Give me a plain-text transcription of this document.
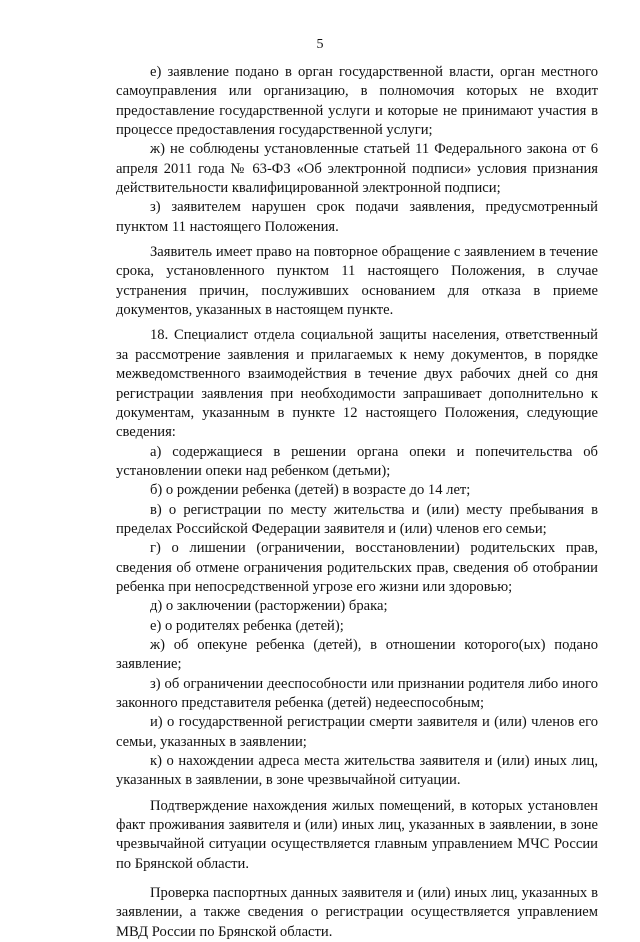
5

е) заявление подано в орган государственной власти, орган местного самоуправления или организацию, в полномочия которых не входит предоставление государственной услуги и которые не принимают участия в процессе предоставления государственной услуги;

ж) не соблюдены установленные статьей 11 Федерального закона от 6 апреля 2011 года № 63-ФЗ «Об электронной подписи» условия признания действительности квалифицированной электронной подписи;

з) заявителем нарушен срок подачи заявления, предусмотренный пунктом 11 настоящего Положения.

Заявитель имеет право на повторное обращение с заявлением в течение срока, установленного пунктом 11 настоящего Положения, в случае устранения причин, послуживших основанием для отказа в приеме документов, указанных в настоящем пункте.

18. Специалист отдела социальной защиты населения, ответственный за рассмотрение заявления и прилагаемых к нему документов, в порядке межведомственного взаимодействия в течение двух рабочих дней со дня регистрации заявления при необходимости запрашивает дополнительно к документам, указанным в пункте 12 настоящего Положения, следующие сведения:

а) содержащиеся в решении органа опеки и попечительства об установлении опеки над ребенком (детьми);

б) о рождении ребенка (детей) в возрасте до 14 лет;

в) о регистрации по месту жительства и (или) месту пребывания в пределах Российской Федерации заявителя и (или) членов его семьи;

г) о лишении (ограничении, восстановлении) родительских прав, сведения об отмене ограничения родительских прав, сведения об отобрании ребенка при непосредственной угрозе его жизни или здоровью;

д) о заключении (расторжении) брака;

е) о родителях ребенка (детей);

ж) об опекуне ребенка (детей), в отношении которого(ых) подано заявление;

з) об ограничении дееспособности или признании родителя либо иного законного представителя ребенка (детей) недееспособным;

и) о государственной регистрации смерти заявителя и (или) членов его семьи, указанных в заявлении;

к) о нахождении адреса места жительства заявителя и (или) иных лиц, указанных в заявлении, в зоне чрезвычайной ситуации.

Подтверждение нахождения жилых помещений, в которых установлен факт проживания заявителя и (или) иных лиц, указанных в заявлении, в зоне чрезвычайной ситуации осуществляется главным управлением МЧС России по Брянской области.

Проверка паспортных данных заявителя и (или) иных лиц, указанных в заявлении, а также сведения о регистрации осуществляется управлением МВД России по Брянской области.
